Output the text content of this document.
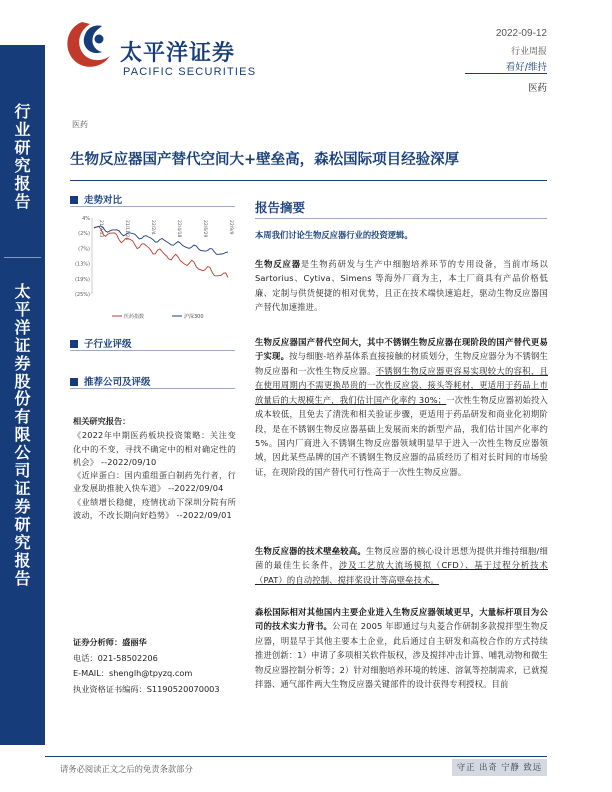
行
业
研
究
报
告
太
平
洋
证
券
股
份
有
限
公
司
证
券
研
究
报
告
太平洋证券
PACIFIC SECURITIES
2022-09-12
行业周报
看好/维持
医药
医药
生物反应器国产替代空间大+壁垒高，森松国际项目经验深厚
走势对比
4%
(2%)
(7%)
(13%)
(19%)
(25%)
21/9/13	21/11/24	22/2/4	22/4/18	22/6/29	22/9/9
医药指数	沪深300
子行业评级
推荐公司及评级
相关研究报告：
《2022年中期医药板块投资策略：关注变化中的不变，寻找不确定中的相对确定性的机会》 --2022/09/10
《近岸蛋白：国内重组蛋白制药先行者，行业发展助推驶入快车道》 --2022/09/04
《业绩增长稳健，疫情扰动下深圳分院有所波动，不改长期向好趋势》 --2022/09/01
证券分析师：盛丽华
电话：021-58502206
E-MAIL：shenglh@tpyzq.com
执业资格证书编码：S1190520070003
报告摘要
本周我们讨论生物反应器行业的投资逻辑。
生物反应器是生物药研发与生产中细胞培养环节的专用设备，当前市场以 Sartorius、Cytiva、Simens 等海外厂商为主，本土厂商具有产品价格低廉、定制与供货便捷的相对优势，且正在技术端快速追赶，驱动生物反应器国产替代加速推进。
生物反应器国产替代空间大，其中不锈钢生物反应器在现阶段的国产替代更易于实现。按与细胞-培养基体系直接接触的材质划分，生物反应器分为不锈钢生物反应器和一次性生物反应器。不锈钢生物反应器更容易实现较大的容积，且在使用周期内不需更换昂贵的一次性反应袋、接头等耗材，更适用于药品上市放量后的大规模生产，我们估计国产化率约 30%；一次性生物反应器初始投入成本较低，且免去了清洗和相关验证步骤，更适用于药品研发和商业化初期阶段，是在不锈钢生物反应器基础上发展而来的新型产品，我们估计国产化率约 5%。国内厂商进入不锈钢生物反应器领域明显早于进入一次性生物反应器领域，因此某些品牌的国产不锈钢生物反应器的品质经历了相对长时间的市场验证，在现阶段的国产替代可行性高于一次性生物反应器。
生物反应器的技术壁垒较高。生物反应器的核心设计思想为提供并维持细胞/细菌的最佳生长条件，涉及工艺放大流场模拟（CFD）、基于过程分析技术（PAT）的自动控制、搅拌桨设计等高壁垒技术。
森松国际相对其他国内主要企业进入生物反应器领域更早，大量标杆项目为公司的技术实力背书。公司在 2005 年即通过与丸菱合作研制多款搅拌型生物反应器，明显早于其他主要本土企业，此后通过自主研发和高校合作的方式持续推进创新：1）申请了多项相关软件版权，涉及搅拌冲击计算、哺乳动物和微生物反应器控制分析等；2）针对细胞培养环境的转速、溶氧等控制需求，已就搅拌器、通气部件两大生物反应器关键部件的设计获得专利授权。目前
请务必阅读正文之后的免责条款部分	守正 出奇 宁静 致远
